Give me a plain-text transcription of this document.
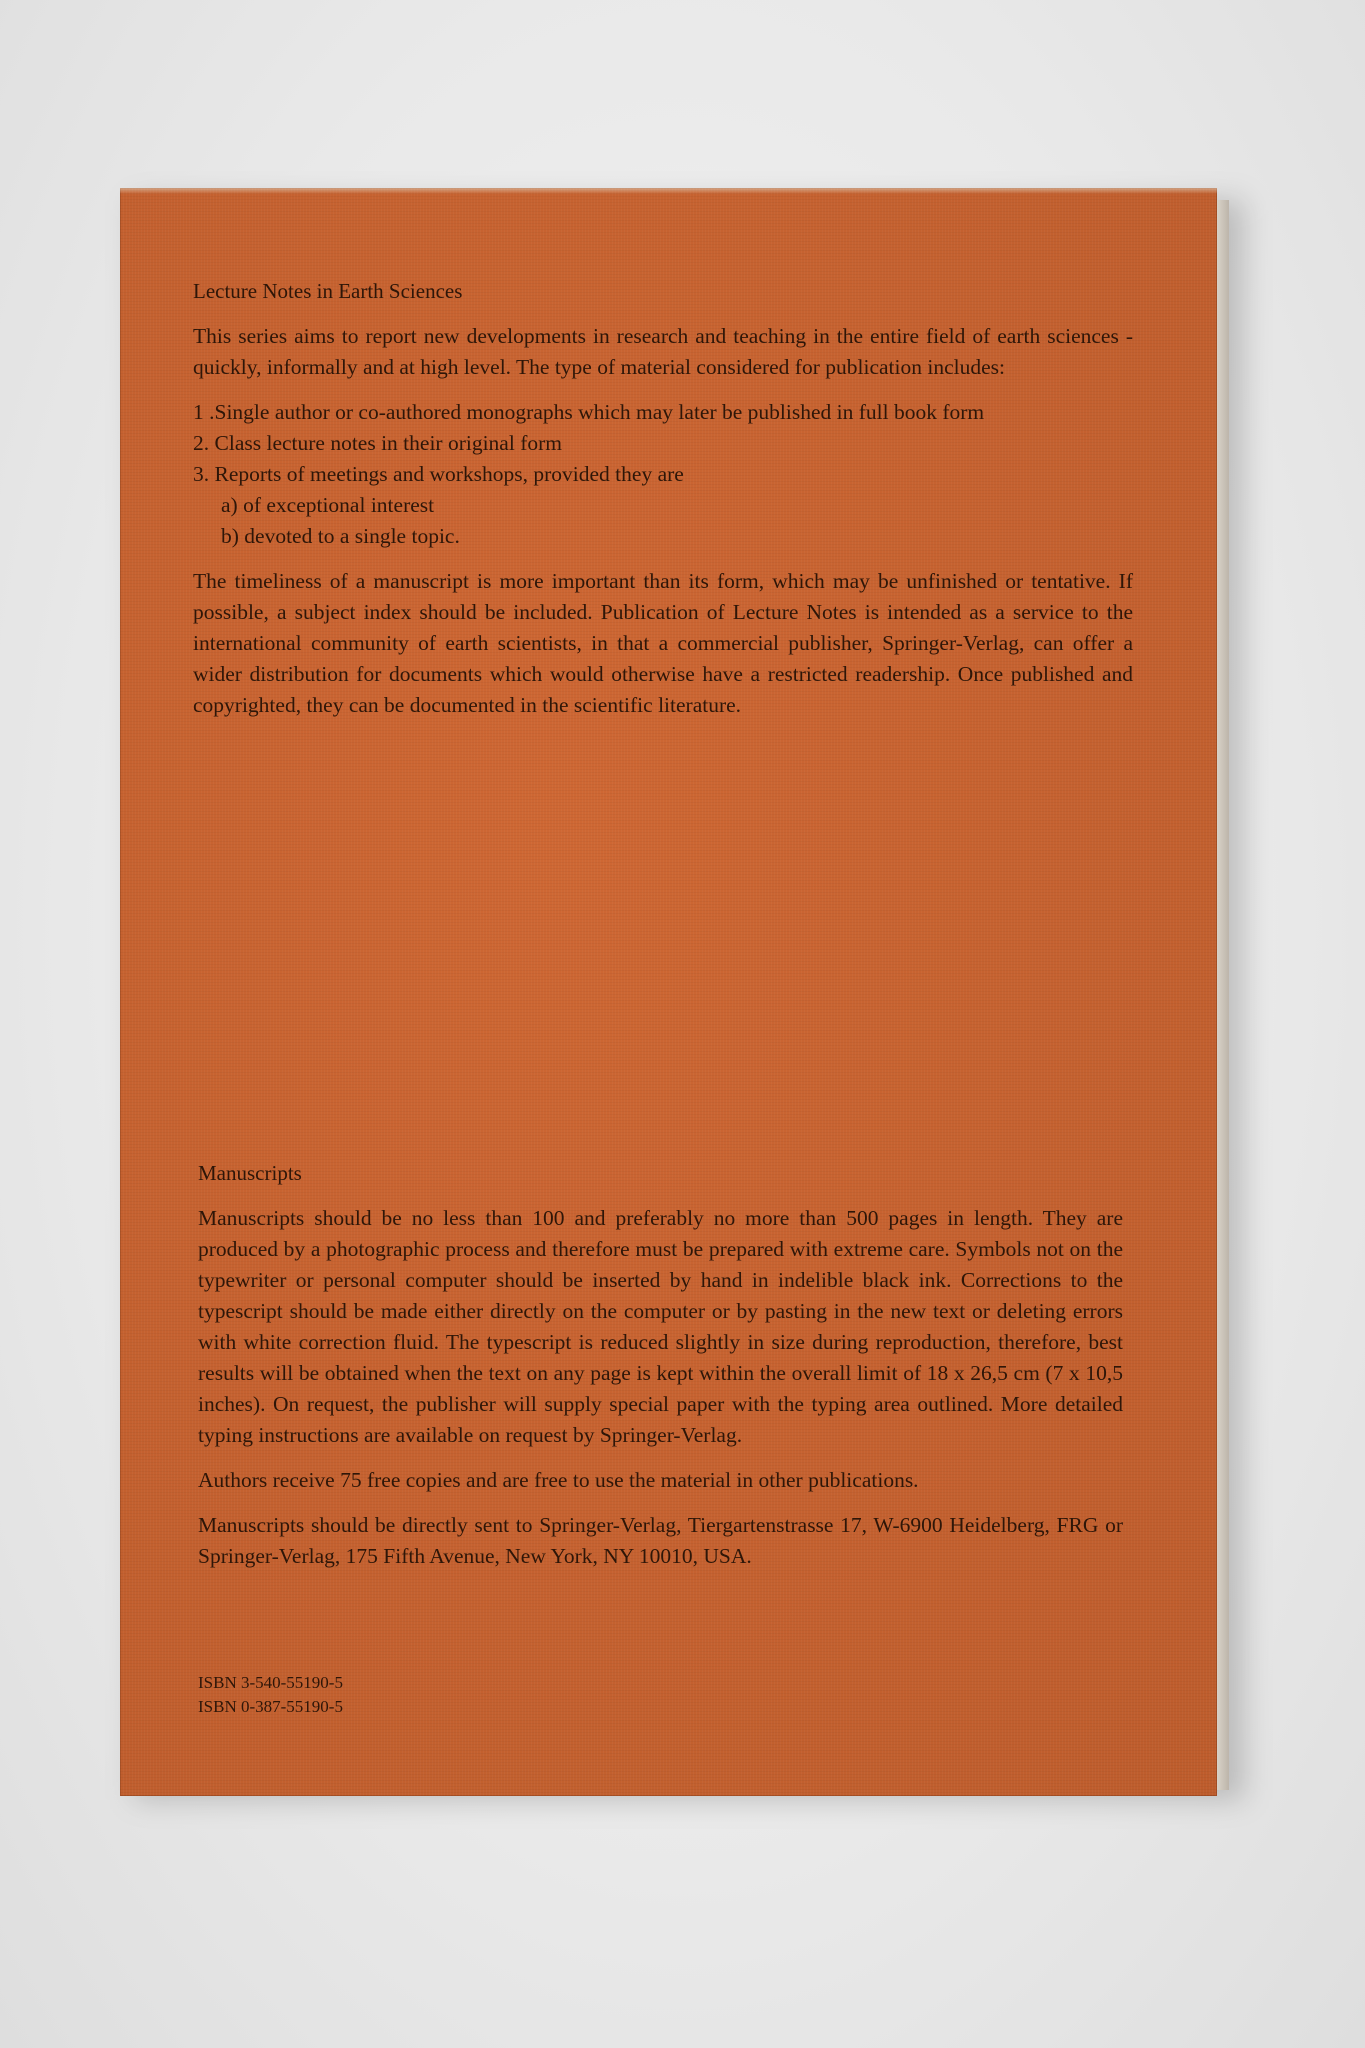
Lecture Notes in Earth Sciences

This series aims to report new developments in research and teaching in the entire field of earth sciences - quickly, informally and at high level. The type of material considered for publication includes:

1 .Single author or co-authored monographs which may later be published in full book form

2. Class lecture notes in their original form

3. Reports of meetings and workshops, provided they are

a) of exceptional interest

b) devoted to a single topic.

The timeliness of a manuscript is more important than its form, which may be unfinished or tentative. If possible, a subject index should be included. Publication of Lecture Notes is intended as a service to the international community of earth scientists, in that a commercial publisher, Springer-Verlag, can offer a wider distribution for documents which would otherwise have a restricted readership. Once published and copyrighted, they can be documented in the scientific literature.

Manuscripts

Manuscripts should be no less than 100 and preferably no more than 500 pages in length. They are produced by a photographic process and therefore must be prepared with extreme care. Symbols not on the typewriter or personal computer should be inserted by hand in indelible black ink. Corrections to the typescript should be made either directly on the computer or by pasting in the new text or deleting errors with white correction fluid. The typescript is reduced slightly in size during reproduction, therefore, best results will be obtained when the text on any page is kept within the overall limit of 18 x 26,5 cm (7 x 10,5 inches). On request, the publisher will supply special paper with the typing area outlined. More detailed typing instructions are available on request by Springer-Verlag.

Authors receive 75 free copies and are free to use the material in other publications.

Manuscripts should be directly sent to Springer-Verlag, Tiergartenstrasse 17, W-6900 Heidelberg, FRG or Springer-Verlag, 175 Fifth Avenue, New York, NY 10010, USA.

ISBN 3-540-55190-5
ISBN 0-387-55190-5
